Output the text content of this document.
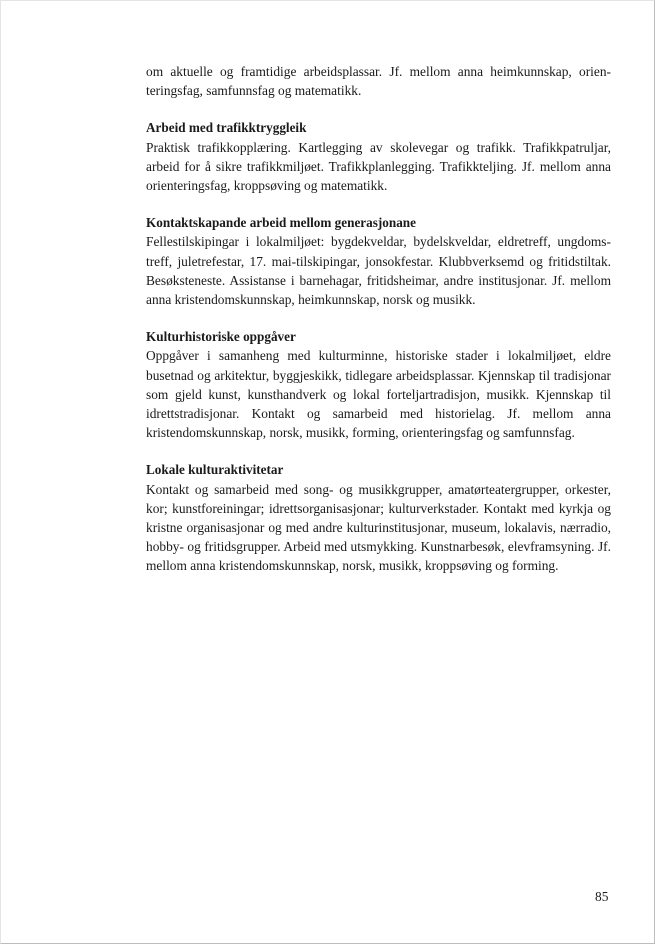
om aktuelle og framtidige arbeidsplassar. Jf. mellom anna heimkunnskap, orienteringsfag, samfunnsfag og matematikk.

Arbeid med trafikktryggleik

Praktisk trafikkopplæring. Kartlegging av skolevegar og trafikk. Trafikkpatruljar, arbeid for å sikre trafikkmiljøet. Trafikkplanlegging. Trafikkteljing. Jf. mellom anna orienteringsfag, kroppsøving og matematikk.

Kontaktskapande arbeid mellom generasjonane

Fellestilskipingar i lokalmiljøet: bygdekveldar, bydelskveldar, eldretreff, ungdomstreff, juletrefestar, 17. mai-tilskipingar, jonsokfestar. Klubbverksemd og fritidstiltak. Besøksteneste. Assistanse i barnehagar, fritidsheimar, andre institusjonar. Jf. mellom anna kristendomskunnskap, heimkunnskap, norsk og musikk.

Kulturhistoriske oppgåver

Oppgåver i samanheng med kulturminne, historiske stader i lokalmiljøet, eldre busetnad og arkitektur, byggjeskikk, tidlegare arbeidsplassar. Kjennskap til tradisjonar som gjeld kunst, kunsthandverk og lokal forteljartradisjon, musikk. Kjennskap til idrettstradisjonar. Kontakt og samarbeid med historielag. Jf. mellom anna kristendomskunnskap, norsk, musikk, forming, orienteringsfag og samfunnsfag.

Lokale kulturaktivitetar

Kontakt og samarbeid med song- og musikkgrupper, amatørteatergrupper, orkester, kor; kunstforeiningar; idrettsorganisasjonar; kulturverkstader. Kontakt med kyrkja og kristne organisasjonar og med andre kulturinstitusjonar, museum, lokalavis, nærradio, hobby- og fritidsgrupper. Arbeid med utsmykking. Kunstnarbesøk, elevframsyning. Jf. mellom anna kristendomskunnskap, norsk, musikk, kroppsøving og forming.

85
